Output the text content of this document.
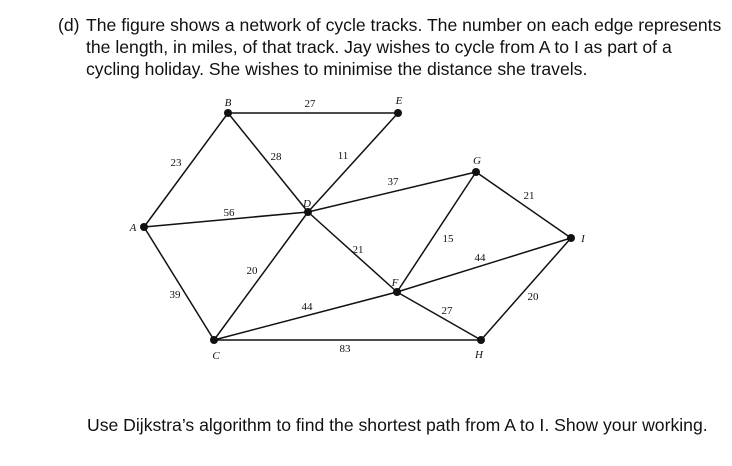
(d) The figure shows a network of cycle tracks. The number on each edge represents
the length, in miles, of that track. Jay wishes to cycle from A to I as part of a
cycling holiday. She wishes to minimise the distance she travels.
23
27
28	11
56
39
20
37
21
44
83
15
44
27
21
20
A
B
C
D
E
F
G
H
I
Use Dijkstra’s algorithm to find the shortest path from A to I. Show your working.
